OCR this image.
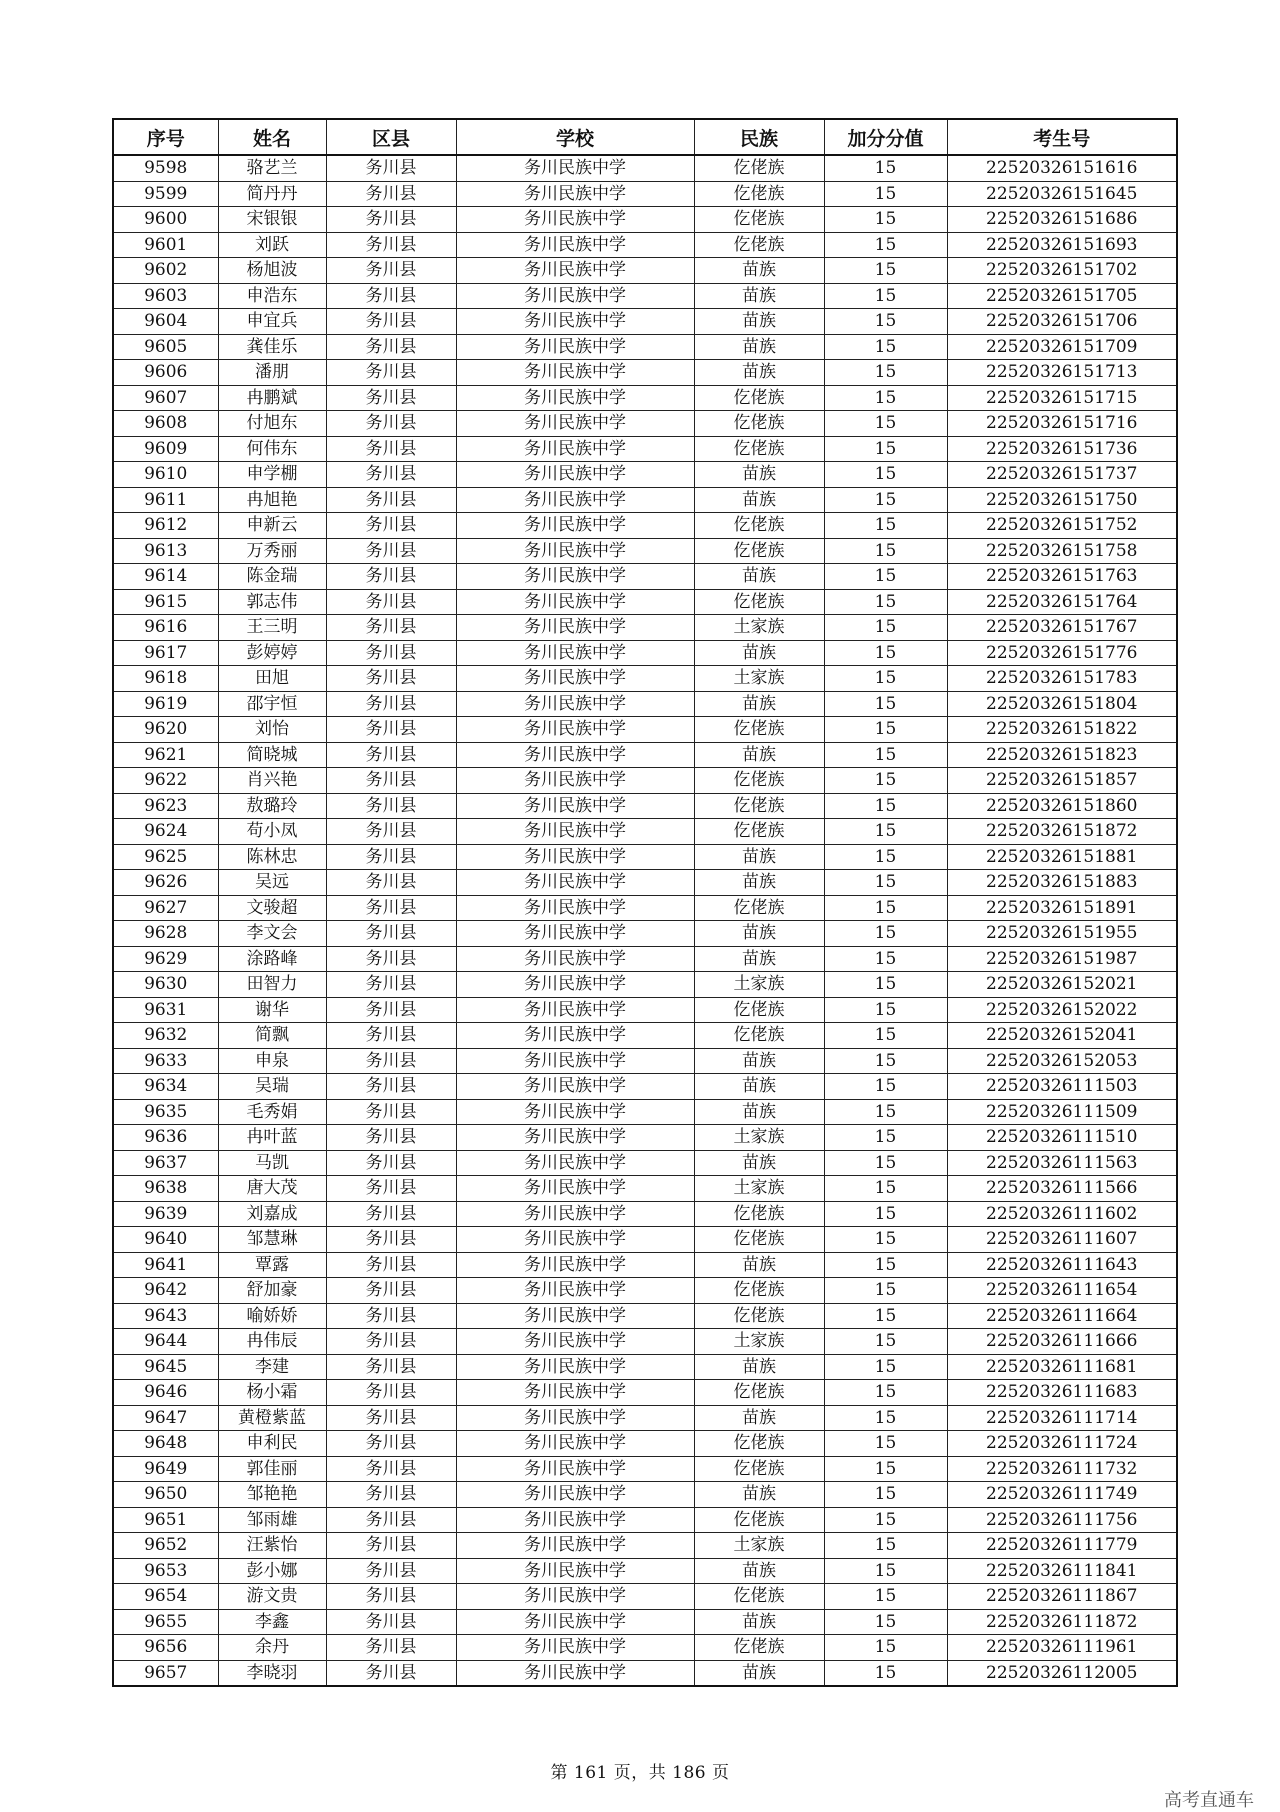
序号	姓名	区县	学校	民族	加分分值	考生号
9598	骆艺兰	务川县	务川民族中学	仡佬族	15	22520326151616
9599	简丹丹	务川县	务川民族中学	仡佬族	15	22520326151645
9600	宋银银	务川县	务川民族中学	仡佬族	15	22520326151686
9601	刘跃	务川县	务川民族中学	仡佬族	15	22520326151693
9602	杨旭波	务川县	务川民族中学	苗族	15	22520326151702
9603	申浩东	务川县	务川民族中学	苗族	15	22520326151705
9604	申宜兵	务川县	务川民族中学	苗族	15	22520326151706
9605	龚佳乐	务川县	务川民族中学	苗族	15	22520326151709
9606	潘朋	务川县	务川民族中学	苗族	15	22520326151713
9607	冉鹏斌	务川县	务川民族中学	仡佬族	15	22520326151715
9608	付旭东	务川县	务川民族中学	仡佬族	15	22520326151716
9609	何伟东	务川县	务川民族中学	仡佬族	15	22520326151736
9610	申学棚	务川县	务川民族中学	苗族	15	22520326151737
9611	冉旭艳	务川县	务川民族中学	苗族	15	22520326151750
9612	申新云	务川县	务川民族中学	仡佬族	15	22520326151752
9613	万秀丽	务川县	务川民族中学	仡佬族	15	22520326151758
9614	陈金瑞	务川县	务川民族中学	苗族	15	22520326151763
9615	郭志伟	务川县	务川民族中学	仡佬族	15	22520326151764
9616	王三明	务川县	务川民族中学	土家族	15	22520326151767
9617	彭婷婷	务川县	务川民族中学	苗族	15	22520326151776
9618	田旭	务川县	务川民族中学	土家族	15	22520326151783
9619	邵宇恒	务川县	务川民族中学	苗族	15	22520326151804
9620	刘怡	务川县	务川民族中学	仡佬族	15	22520326151822
9621	简晓城	务川县	务川民族中学	苗族	15	22520326151823
9622	肖兴艳	务川县	务川民族中学	仡佬族	15	22520326151857
9623	敖璐玲	务川县	务川民族中学	仡佬族	15	22520326151860
9624	苟小凤	务川县	务川民族中学	仡佬族	15	22520326151872
9625	陈林忠	务川县	务川民族中学	苗族	15	22520326151881
9626	吴远	务川县	务川民族中学	苗族	15	22520326151883
9627	文骏超	务川县	务川民族中学	仡佬族	15	22520326151891
9628	李文会	务川县	务川民族中学	苗族	15	22520326151955
9629	涂路峰	务川县	务川民族中学	苗族	15	22520326151987
9630	田智力	务川县	务川民族中学	土家族	15	22520326152021
9631	谢华	务川县	务川民族中学	仡佬族	15	22520326152022
9632	简飘	务川县	务川民族中学	仡佬族	15	22520326152041
9633	申泉	务川县	务川民族中学	苗族	15	22520326152053
9634	吴瑞	务川县	务川民族中学	苗族	15	22520326111503
9635	毛秀娟	务川县	务川民族中学	苗族	15	22520326111509
9636	冉叶蓝	务川县	务川民族中学	土家族	15	22520326111510
9637	马凯	务川县	务川民族中学	苗族	15	22520326111563
9638	唐大茂	务川县	务川民族中学	土家族	15	22520326111566
9639	刘嘉成	务川县	务川民族中学	仡佬族	15	22520326111602
9640	邹慧琳	务川县	务川民族中学	仡佬族	15	22520326111607
9641	覃露	务川县	务川民族中学	苗族	15	22520326111643
9642	舒加豪	务川县	务川民族中学	仡佬族	15	22520326111654
9643	喻娇娇	务川县	务川民族中学	仡佬族	15	22520326111664
9644	冉伟辰	务川县	务川民族中学	土家族	15	22520326111666
9645	李建	务川县	务川民族中学	苗族	15	22520326111681
9646	杨小霜	务川县	务川民族中学	仡佬族	15	22520326111683
9647	黄橙紫蓝	务川县	务川民族中学	苗族	15	22520326111714
9648	申利民	务川县	务川民族中学	仡佬族	15	22520326111724
9649	郭佳丽	务川县	务川民族中学	仡佬族	15	22520326111732
9650	邹艳艳	务川县	务川民族中学	苗族	15	22520326111749
9651	邹雨雄	务川县	务川民族中学	仡佬族	15	22520326111756
9652	汪紫怡	务川县	务川民族中学	土家族	15	22520326111779
9653	彭小娜	务川县	务川民族中学	苗族	15	22520326111841
9654	游文贵	务川县	务川民族中学	仡佬族	15	22520326111867
9655	李鑫	务川县	务川民族中学	苗族	15	22520326111872
9656	余丹	务川县	务川民族中学	仡佬族	15	22520326111961
9657	李晓羽	务川县	务川民族中学	苗族	15	22520326112005
第 161 页，共 186 页
高考直通车
